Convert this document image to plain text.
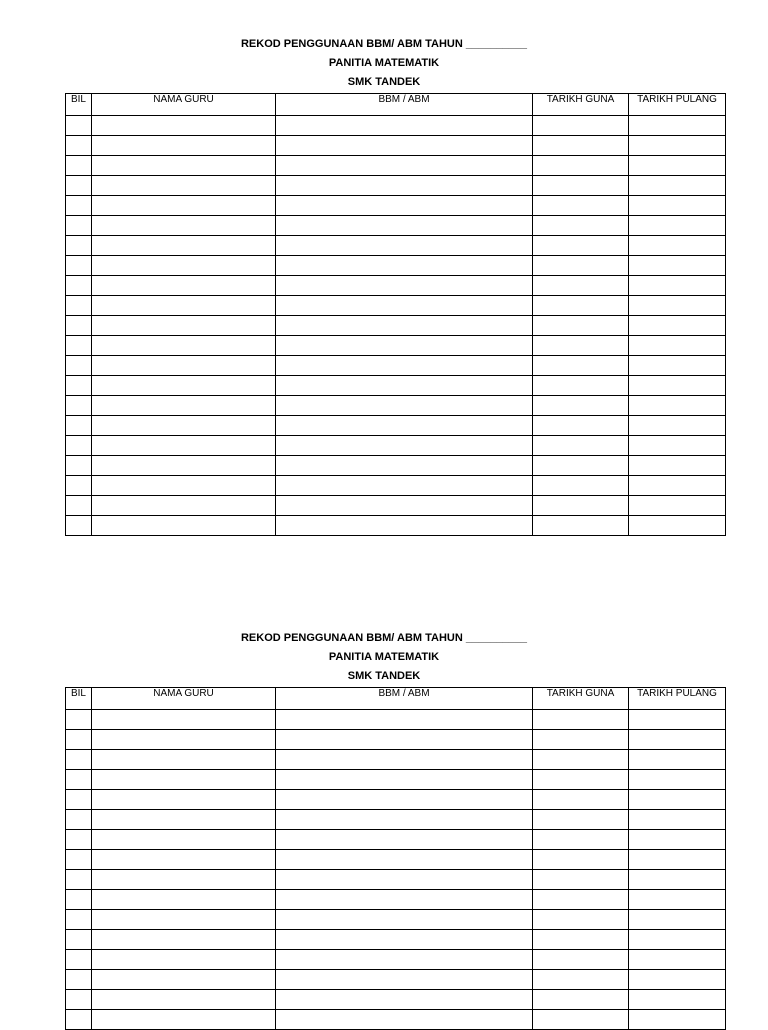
REKOD PENGGUNAAN BBM/ ABM TAHUN __________
PANITIA MATEMATIK
SMK TANDEK
BIL	NAMA GURU	BBM / ABM	TARIKH GUNA	TARIKH PULANG

REKOD PENGGUNAAN BBM/ ABM TAHUN __________
PANITIA MATEMATIK
SMK TANDEK
BIL	NAMA GURU	BBM / ABM	TARIKH GUNA	TARIKH PULANG
